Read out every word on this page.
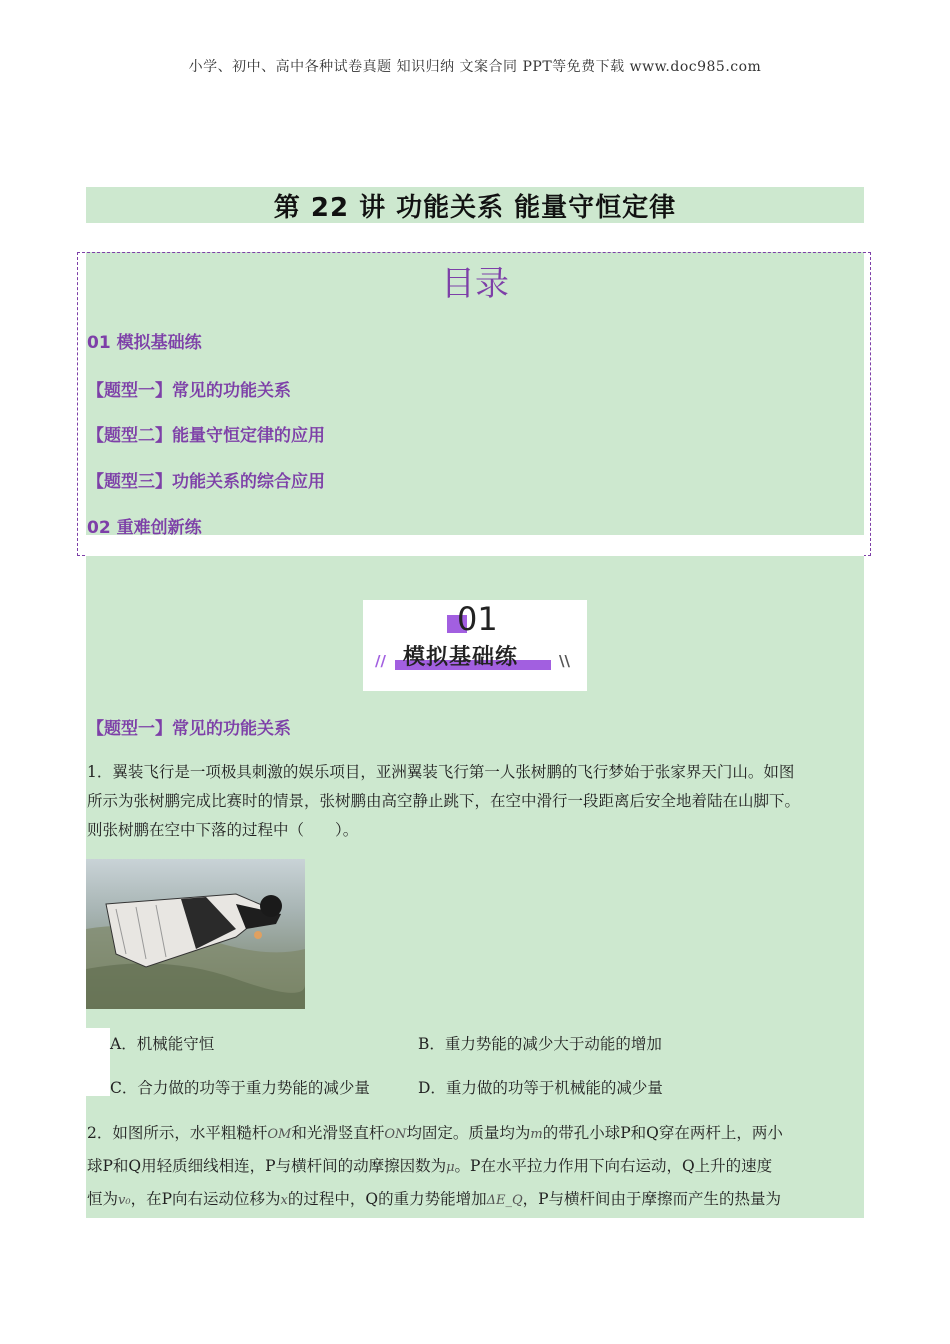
小学、初中、高中各种试卷真题 知识归纳 文案合同 PPT等免费下载 www.doc985.com
第 22 讲 功能关系 能量守恒定律
目录
01 模拟基础练
【题型一】常见的功能关系
【题型二】能量守恒定律的应用
【题型三】功能关系的综合应用
02 重难创新练
01
// 模拟基础练	\\
【题型一】常见的功能关系
1．翼装飞行是一项极具刺激的娱乐项目，亚洲翼装飞行第一人张树鹏的飞行梦始于张家界天门山。如图
所示为张树鹏完成比赛时的情景，张树鹏由高空静止跳下，在空中滑行一段距离后安全地着陆在山脚下。
则张树鹏在空中下落的过程中（　　）。
A．机械能守恒	B．重力势能的减少大于动能的增加
C．合力做的功等于重力势能的减少量	D．重力做的功等于机械能的减少量
2．如图所示，水平粗糙杆OM和光滑竖直杆ON均固定。质量均为m的带孔小球P和Q穿在两杆上，两小
球P和Q用轻质细线相连，P与横杆间的动摩擦因数为μ。P在水平拉力作用下向右运动，Q上升的速度
恒为v₀，在P向右运动位移为x的过程中，Q的重力势能增加ΔE_Q，P与横杆间由于摩擦而产生的热量为
